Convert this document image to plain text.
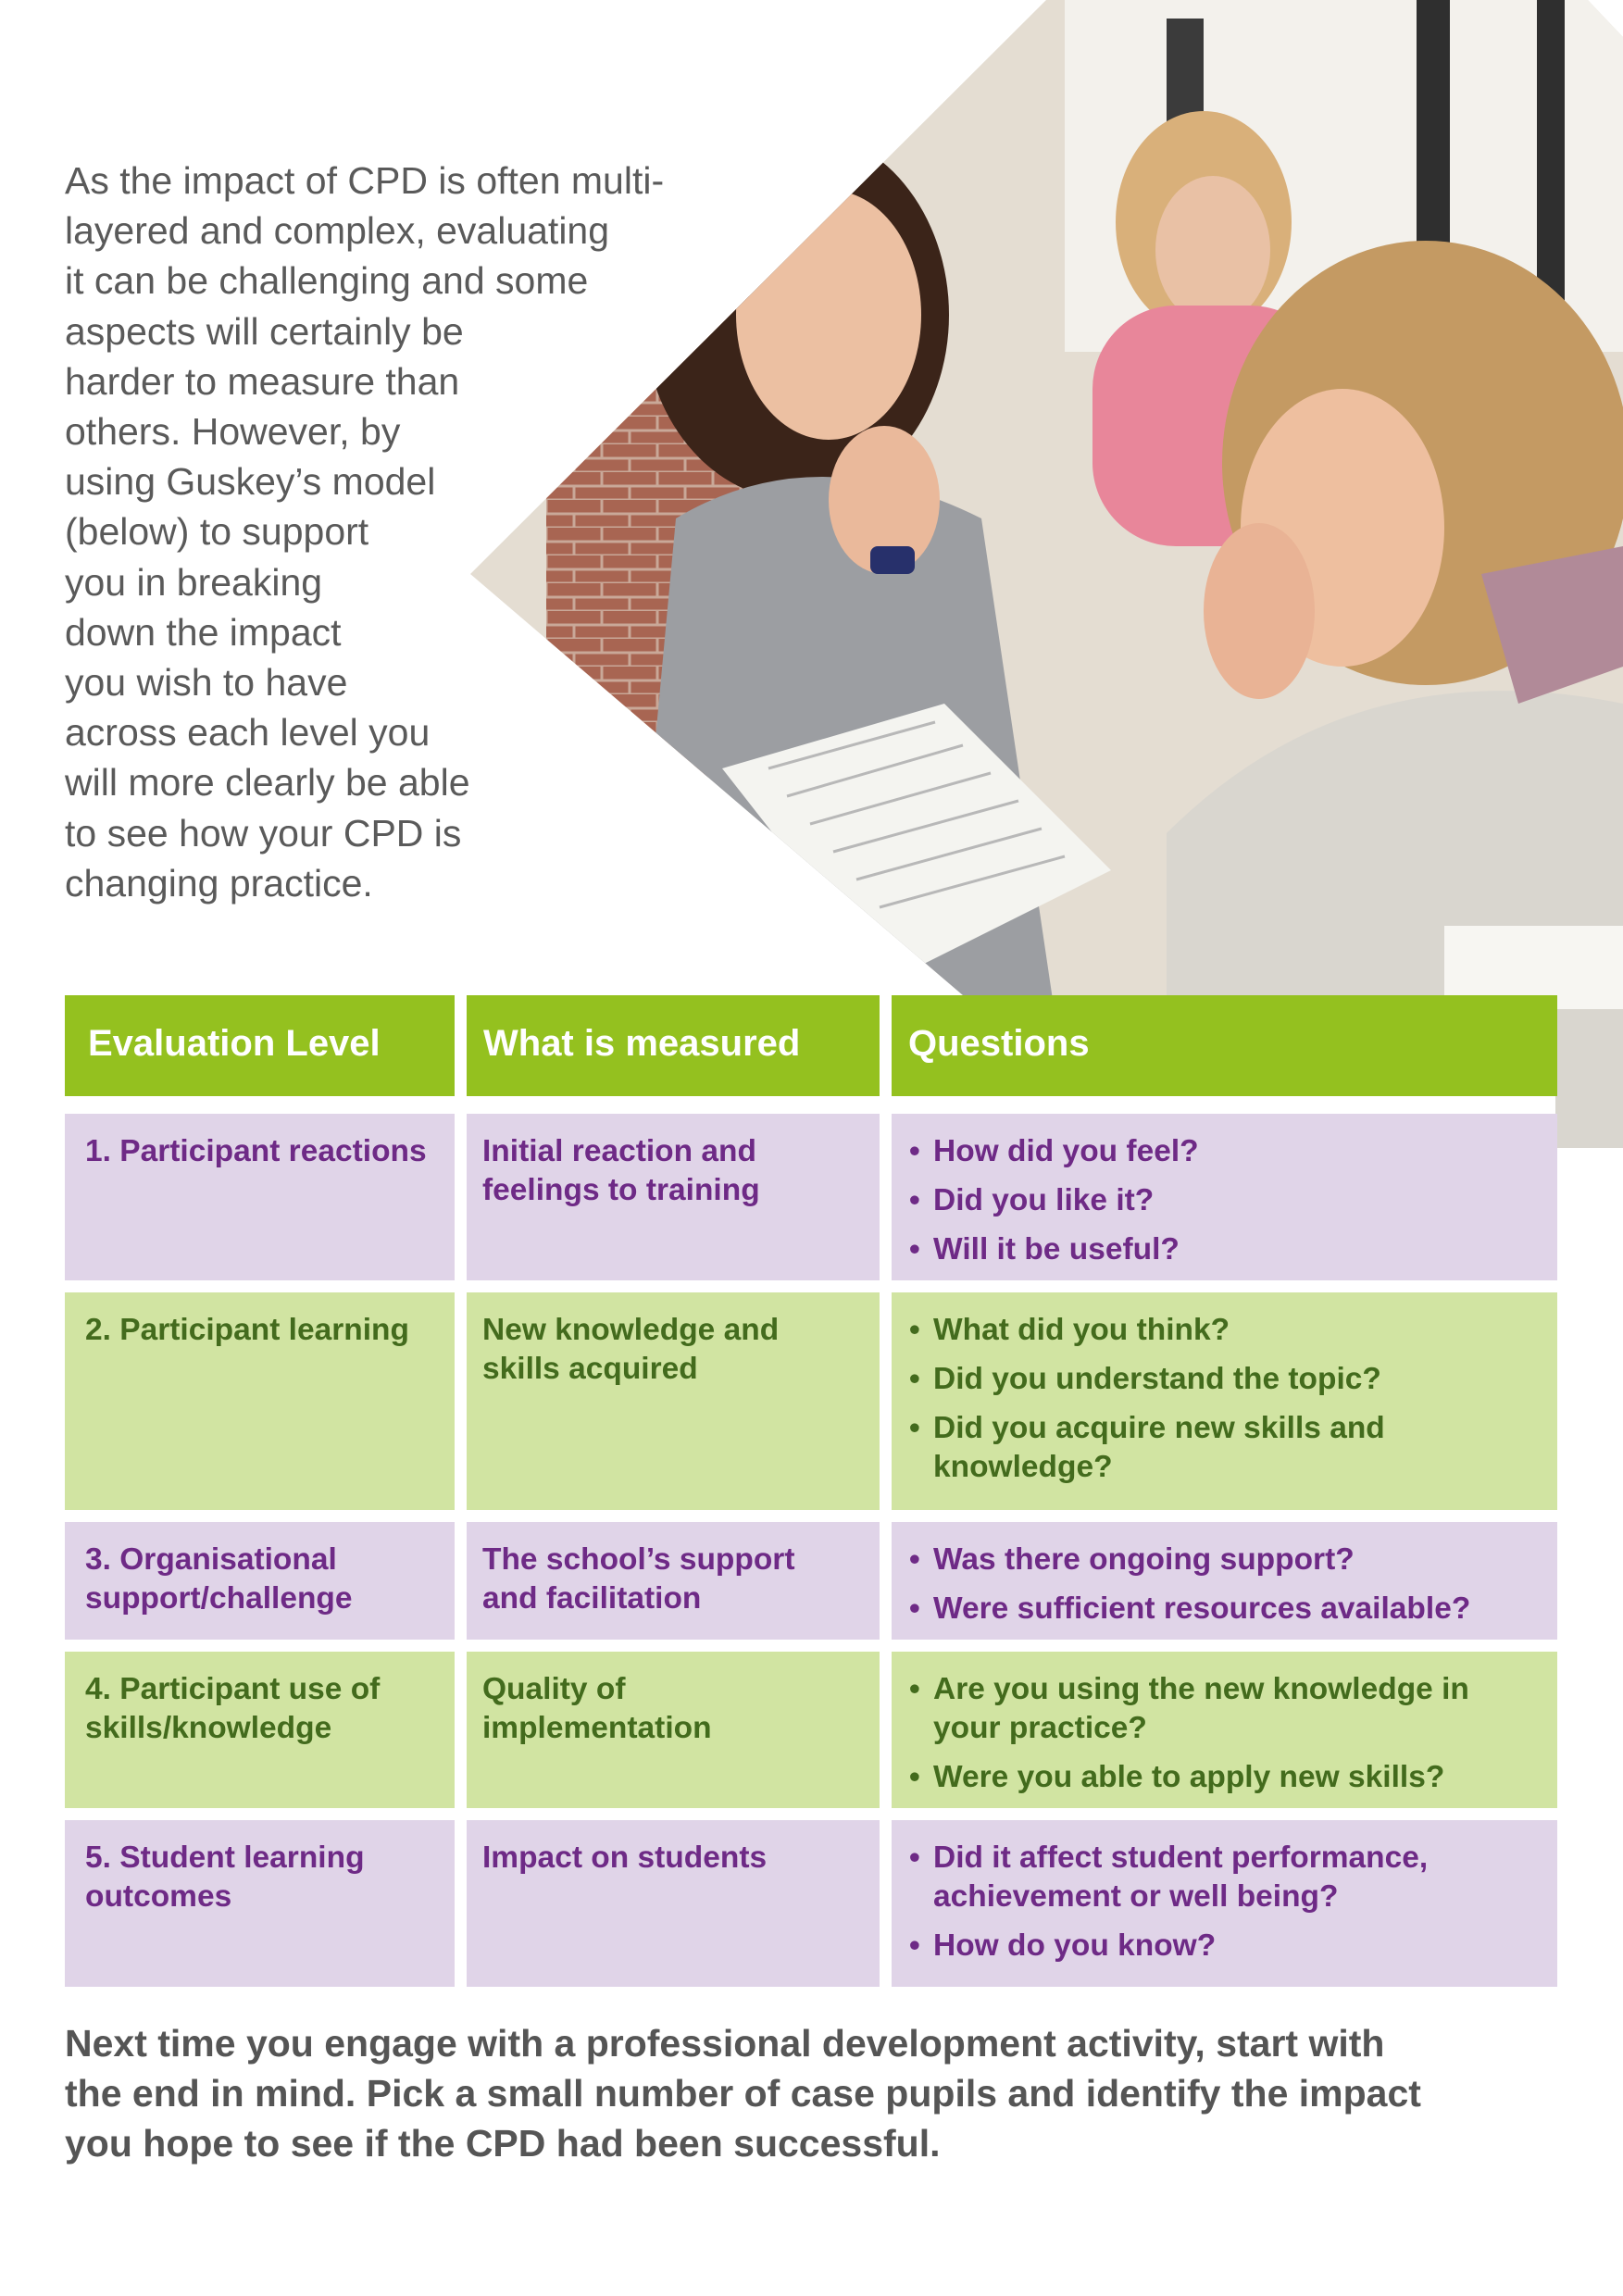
As the impact of CPD is often multi-
layered and complex, evaluating
it can be challenging and some
aspects will certainly be
harder to measure than
others. However, by
using Guskey’s model
(below) to support
you in breaking
down the impact
you wish to have
across each level you
will more clearly be able
to see how your CPD is
changing practice.

Evaluation Level	What is measured	Questions

1. Participant reactions	Initial reaction and
feelings to training
• How did you feel?
• Did you like it?
• Will it be useful?

2. Participant learning	New knowledge and
skills acquired
• What did you think?
• Did you understand the topic?
• Did you acquire new skills and knowledge?

3. Organisational
support/challenge

The school’s support
and facilitation
• Was there ongoing support?
• Were sufficient resources available?

4. Participant use of
skills/knowledge

Quality of
implementation
• Are you using the new knowledge in your practice?
• Were you able to apply new skills?

5. Student learning
outcomes

Impact on students
•	Did it affect student performance, achievement or well being?
• How do you know?

Next time you engage with a professional development activity, start with
the end in mind. Pick a small number of case pupils and identify the impact
you hope to see if the CPD had been successful.
